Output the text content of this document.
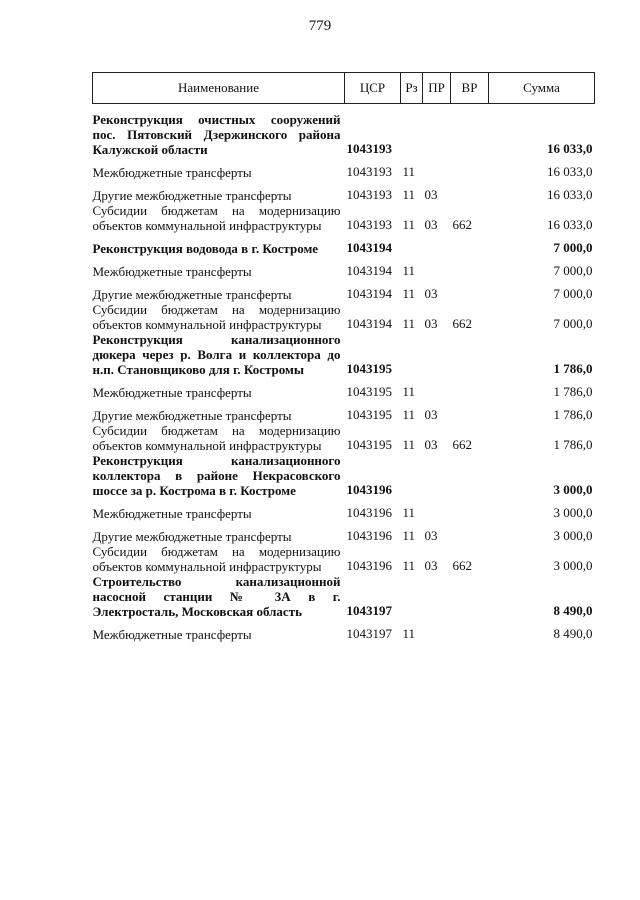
779
Наименование	ЦСР	Рз	ПР	ВР	Сумма

Реконструкция очистных сооружений пос. Пятовский Дзержинского района Калужской области	1043193				16 033,0
Межбюджетные трансферты	1043193	11			16 033,0
Другие межбюджетные трансферты	1043193	11	03		16 033,0
Субсидии бюджетам на модернизацию объектов коммунальной инфраструктуры	1043193	11	03	662	16 033,0
Реконструкция водовода в г. Костроме	1043194				7 000,0
Межбюджетные трансферты	1043194	11			7 000,0
Другие межбюджетные трансферты	1043194	11	03		7 000,0
Субсидии бюджетам на модернизацию объектов коммунальной инфраструктуры	1043194	11	03	662	7 000,0
Реконструкция канализационного дюкера через р. Волга и коллектора до н.п. Становщиково для г. Костромы	1043195				1 786,0
Межбюджетные трансферты	1043195	11			1 786,0
Другие межбюджетные трансферты	1043195	11	03		1 786,0
Субсидии бюджетам на модернизацию объектов коммунальной инфраструктуры	1043195	11	03	662	1 786,0
Реконструкция канализационного коллектора в районе Некрасовского шоссе за р. Кострома в г. Костроме	1043196				3 000,0
Межбюджетные трансферты	1043196	11			3 000,0
Другие межбюджетные трансферты	1043196	11	03		3 000,0
Субсидии бюджетам на модернизацию объектов коммунальной инфраструктуры	1043196	11	03	662	3 000,0
Строительство канализационной насосной станции № 3А в г. Электросталь, Московская область	1043197				8 490,0
Межбюджетные трансферты	1043197	11			8 490,0
